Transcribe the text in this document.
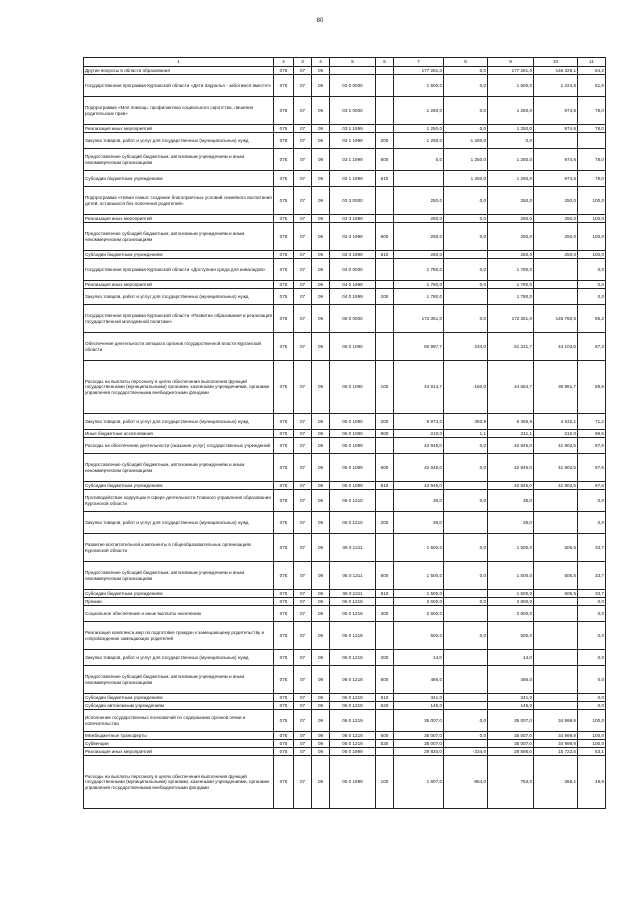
80
1	2	3	4	5	6	7	8	9	10	11
Другие вопросы в области образования	075	07	09			177 281,0	0,0	177 281,0	146 328,1	84,2
Государственная программа Курганской области «Дети Зауралья - заботимся вместе!»	075	07	09	03 0 0000		1 500,0	0,0	1 500,0	1 224,6	81,6
Подпрограмма «Моя помощь: профилактика социального сиротства, лишения родительских прав»	075	07	09	03 1 0000		1 250,0	0,0	1 250,0	974,6	78,0
Реализация иных мероприятий	075	07	09	03 1 1999		1 250,0	0,0	1 250,0	974,6	78,0
Закупка товаров, работ и услуг для государственных (муниципальных) нужд	075	07	09	03 1 1999	200	1 250,0	-1 250,0	0,0		
Предоставление субсидий бюджетным, автономным учреждениям и иным некоммерческим организациям	075	07	09	03 1 1999	600	0,0	1 250,0	1 250,0	974,6	78,0
Субсидии бюджетным учреждениям	075	07	09	03 1 1999	610		1 250,0	1 250,0	974,6	78,0
Подпрограмма «Новая семья: создание благоприятных условий семейного воспитания детей, оставшихся без попечения родителей»	075	07	09	03 3 0000		250,0	0,0	250,0	250,0	100,0
Реализация иных мероприятий	075	07	09	03 3 1999		250,0	0,0	250,0	250,0	100,0
Предоставление субсидий бюджетным, автономным учреждениям и иным некоммерческим организациям	075	07	09	03 3 1999	600	250,0	0,0	250,0	250,0	100,0
Субсидии бюджетным учреждениям	075	07	09	03 3 1999	610	250,0		250,0	250,0	100,0
Государственная программа Курганской области «Доступная среда для инвалидов»	075	07	09	04 0 0000		1 780,0	0,0	1 780,0		0,0
Реализация иных мероприятий	075	07	09	04 0 1999		1 780,0	0,0	1 780,0		0,0
Закупка товаров, работ и услуг для государственных (муниципальных) нужд	075	07	09	04 0 1999	200	1 780,0		1 780,0		0,0
Государственная программа Курганской области «Развитие образования и реализация государственной молодежной политики»	075	07	09	06 0 0000		172 351,0	0,0	172 351,0	146 760,6	85,2
Обеспечение деятельности аппарата органов государственной власти Курганской области	075	07	09	06 0 1090		50 997,7	234,0	51 231,7	44 103,6	87,3
Расходы на выплаты персоналу в целях обеспечения выполнения функций государственными (муниципальными) органами, казенными учреждениями, органами управления государственными внебюджетными фондами	075	07	09	06 0 1090	100	44 814,7	-160,0	44 654,7	39 981,7	89,5
Закупка товаров, работ и услуг для государственных (муниципальных) нужд	075	07	09	06 0 1090	200	5 973,0	392,9	6 365,9	4 532,1	71,2
Иные бюджетные ассигнования	075	07	09	06 0 1090	800	210,0	1,1	211,1	210,0	99,5
Расходы на обеспечение деятельности (оказание услуг) государственных учреждений	075	07	09	06 0 1099		42 945,0	0,0	42 945,0	41 902,5	97,6
Предоставление субсидий бюджетным, автономным учреждениям и иным некоммерческим организациям	075	07	09	06 0 1099	600	42 945,0	0,0	42 945,0	41 902,5	97,6
Субсидии бюджетным учреждениям	075	07	09	06 0 1099	610	42 945,0		42 945,0	41 902,5	97,6
Противодействие коррупции в сфере деятельности Главного управления образования Курганской области	075	07	09	06 0 1210		35,0	0,0	35,0		0,0
Закупка товаров, работ и услуг для государственных (муниципальных) нужд	075	07	09	06 0 1210	200	35,0		35,0		0,0
Развитие воспитательной компоненты в общеобразовательных организациях Курганской области	075	07	09	06 0 1211		1 500,0	0,0	1 500,0	505,5	33,7
Предоставление субсидий бюджетным, автономным учреждениям и иным некоммерческим организациям	075	07	09	06 0 1211	600	1 500,0	0,0	1 500,0	505,5	33,7
Субсидии бюджетным учреждениям	075	07	09	06 0 1211	610	1 500,0		1 500,0	505,5	33,7
Премии	075	07	09	06 0 1216		2 600,0	0,0	2 600,0		0,0
Социальное обеспечение и иные выплаты населению	075	07	09	06 0 1216	300	2 600,0		2 600,0		0,0
Реализация комплекса мер по подготовке граждан к замещающему родительству и сопровождению замещающих родителей	075	07	09	06 0 1218		500,0	0,0	500,0		0,0
Закупка товаров, работ и услуг для государственных (муниципальных) нужд	075	07	09	06 0 1218	200	14,0		14,0		0,0
Предоставление субсидий бюджетным, автономным учреждениям и иным некоммерческим организациям	075	07	09	06 0 1218	600	486,0		486,0		0,0
Субсидии бюджетным учреждениям	075	07	09	06 0 1218	610	341,0		341,0		0,0
Субсидии автономным учреждениям	075	07	09	06 0 1218	620	145,0		145,0		0,0
Исполнение государственных полномочий по содержанию органов опеки и попечительства	075	07	09	06 0 1219		35 007,0	0,0	35 007,0	34 999,9	100,0
Межбюджетные трансферты	075	07	09	06 0 1219	500	35 007,0	0,0	35 007,0	34 999,9	100,0
Субвенции	075	07	09	06 0 1219	530	35 007,0		35 007,0	34 999,9	100,0
Реализация иных мероприятий	075	07	09	06 0 1999		29 820,0	-234,0	29 586,0	15 722,6	53,1
Расходы на выплаты персоналу в целях обеспечения выполнения функций государственными (муниципальными) органами, казенными учреждениями, органами управления государственными внебюджетными фондами	075	07	09	06 0 1999	100	1 607,0	-854,0	753,0	368,1	48,9
